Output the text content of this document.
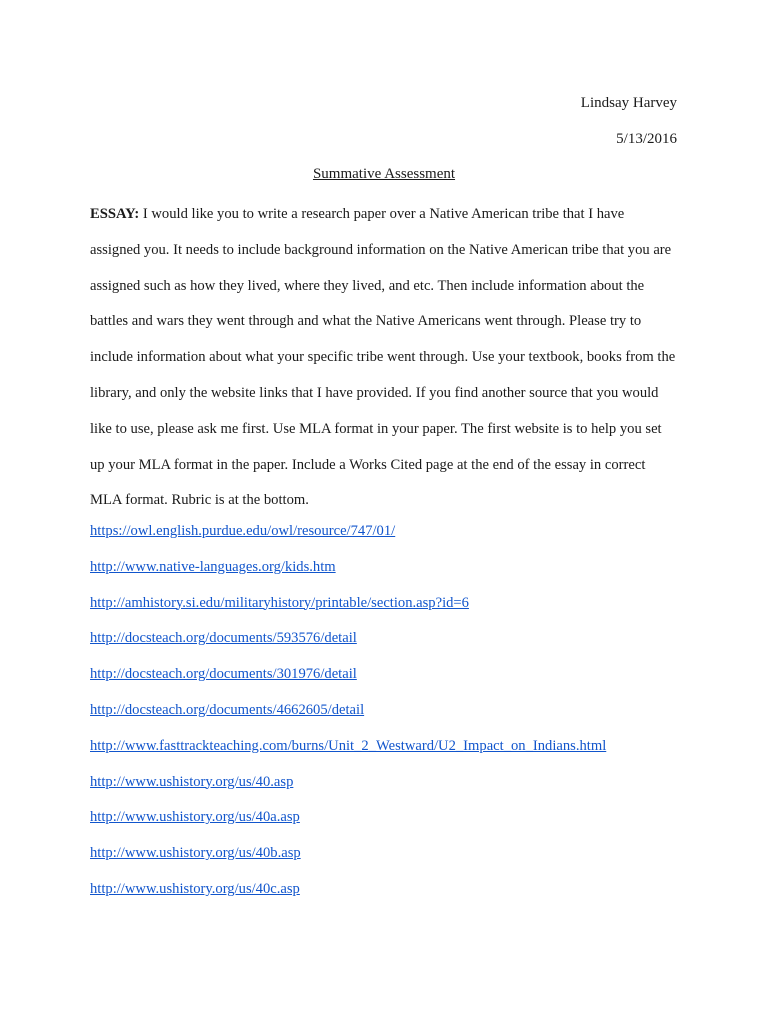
Lindsay Harvey
5/13/2016
Summative Assessment

ESSAY: I would like you to write a research paper over a Native American tribe that I have assigned you. It needs to include background information on the Native American tribe that you are assigned such as how they lived, where they lived, and etc. Then include information about the battles and wars they went through and what the Native Americans went through. Please try to include information about what your specific tribe went through. Use your textbook, books from the library, and only the website links that I have provided. If you find another source that you would like to use, please ask me first. Use MLA format in your paper. The first website is to help you set up your MLA format in the paper. Include a Works Cited page at the end of the essay in correct MLA format. Rubric is at the bottom.

https://owl.english.purdue.edu/owl/resource/747/01/
http://www.native-languages.org/kids.htm
http://amhistory.si.edu/militaryhistory/printable/section.asp?id=6
http://docsteach.org/documents/593576/detail
http://docsteach.org/documents/301976/detail
http://docsteach.org/documents/4662605/detail
http://www.fasttrackteaching.com/burns/Unit_2_Westward/U2_Impact_on_Indians.html
http://www.ushistory.org/us/40.asp
http://www.ushistory.org/us/40a.asp
http://www.ushistory.org/us/40b.asp
http://www.ushistory.org/us/40c.asp
